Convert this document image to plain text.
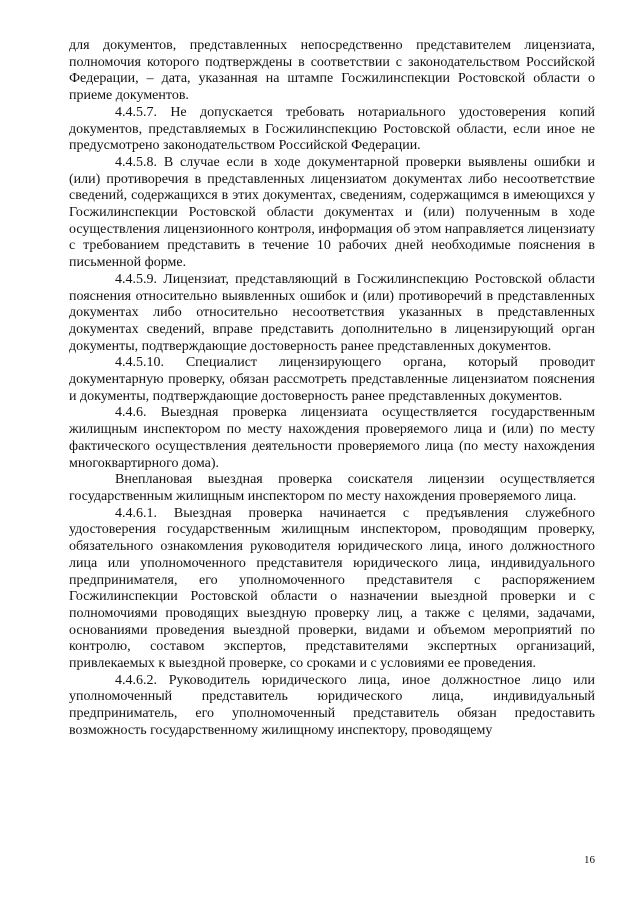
для документов, представленных непосредственно представителем лицензиата, полномочия которого подтверждены в соответствии с законодательством Российской Федерации, – дата, указанная на штампе Госжилинспекции Ростовской области о приеме документов.

4.4.5.7. Не допускается требовать нотариального удостоверения копий документов, представляемых в Госжилинспекцию Ростовской области, если иное не предусмотрено законодательством Российской Федерации.

4.4.5.8. В случае если в ходе документарной проверки выявлены ошибки и (или) противоречия в представленных лицензиатом документах либо несоответствие сведений, содержащихся в этих документах, сведениям, содержащимся в имеющихся у Госжилинспекции Ростовской области документах и (или) полученным в ходе осуществления лицензионного контроля, информация об этом направляется лицензиату с требованием представить в течение 10 рабочих дней необходимые пояснения в письменной форме.

4.4.5.9. Лицензиат, представляющий в Госжилинспекцию Ростовской области пояснения относительно выявленных ошибок и (или) противоречий в представленных документах либо относительно несоответствия указанных в представленных документах сведений, вправе представить дополнительно в лицензирующий орган документы, подтверждающие достоверность ранее представленных документов.

4.4.5.10. Специалист лицензирующего органа, который проводит документарную проверку, обязан рассмотреть представленные лицензиатом пояснения и документы, подтверждающие достоверность ранее представленных документов.

4.4.6. Выездная проверка лицензиата осуществляется государственным жилищным инспектором по месту нахождения проверяемого лица и (или) по месту фактического осуществления деятельности проверяемого лица (по месту нахождения многоквартирного дома).

Внеплановая выездная проверка соискателя лицензии осуществляется государственным жилищным инспектором по месту нахождения проверяемого лица.

4.4.6.1. Выездная проверка начинается с предъявления служебного удостоверения государственным жилищным инспектором, проводящим проверку, обязательного ознакомления руководителя юридического лица, иного должностного лица или уполномоченного представителя юридического лица, индивидуального предпринимателя, его уполномоченного представителя с распоряжением Госжилинспекции Ростовской области о назначении выездной проверки и с полномочиями проводящих выездную проверку лиц, а также с целями, задачами, основаниями проведения выездной проверки, видами и объемом мероприятий по контролю, составом экспертов, представителями экспертных организаций, привлекаемых к выездной проверке, со сроками и с условиями ее проведения.

4.4.6.2. Руководитель юридического лица, иное должностное лицо или уполномоченный представитель юридического лица, индивидуальный предприниматель, его уполномоченный представитель обязан предоставить возможность государственному жилищному инспектору, проводящему

16
